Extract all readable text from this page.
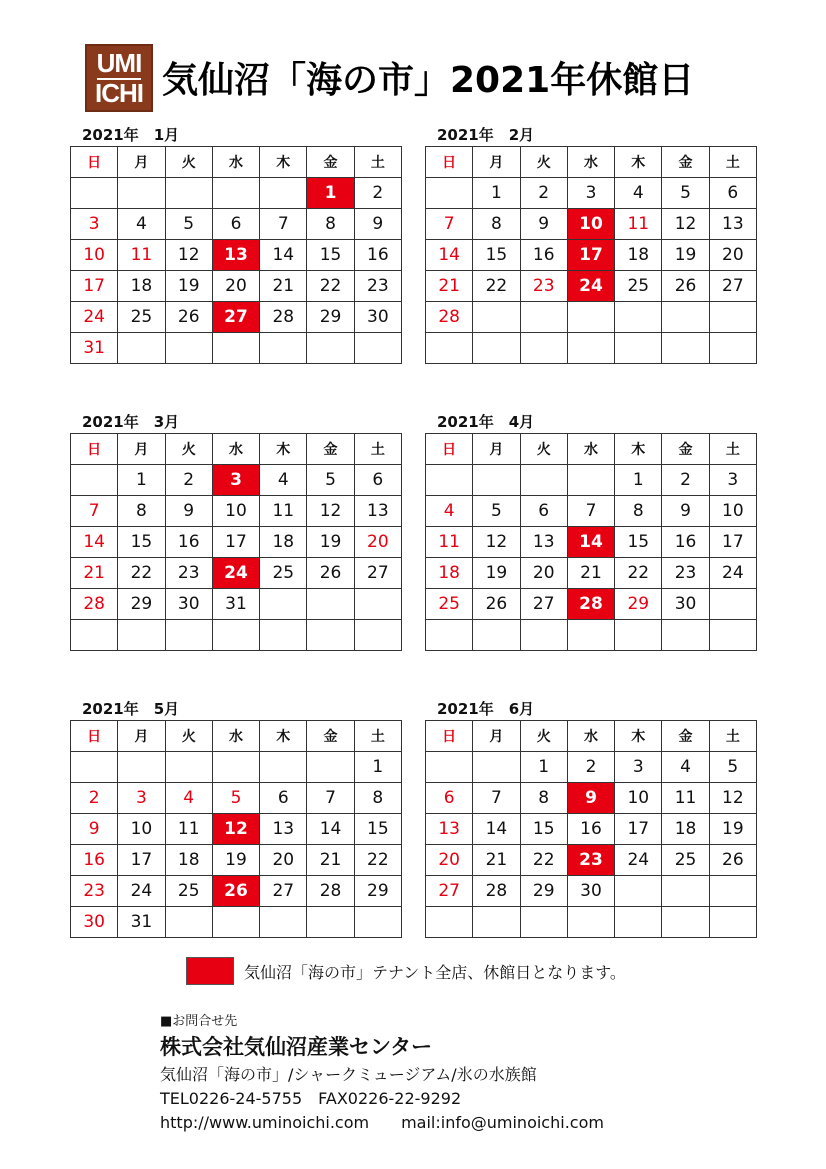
UMI
ICHI 気仙沼「海の市」2021年休館日
2021年　1月
日	月	火	水	木	金	土
					1	2
3	4	5	6	7	8	9
10	11	12	13	14	15	16
17	18	19	20	21	22	23
24	25	26	27	28	29	30
31						
2021年　2月
日	月	火	水	木	金	土
	1	2	3	4	5	6
7	8	9	10	11	12	13
14	15	16	17	18	19	20
21	22	23	24	25	26	27
28						

2021年　3月
日	月	火	水	木	金	土
	1	2	3	4	5	6
7	8	9	10	11	12	13
14	15	16	17	18	19	20
21	22	23	24	25	26	27
28	29	30	31			

2021年　4月
日	月	火	水	木	金	土
				1	2	3
4	5	6	7	8	9	10
11	12	13	14	15	16	17
18	19	20	21	22	23	24
25	26	27	28	29	30	

2021年　5月
日	月	火	水	木	金	土
						1
2	3	4	5	6	7	8
9	10	11	12	13	14	15
16	17	18	19	20	21	22
23	24	25	26	27	28	29
30	31					
2021年　6月
日	月	火	水	木	金	土
		1	2	3	4	5
6	7	8	9	10	11	12
13	14	15	16	17	18	19
20	21	22	23	24	25	26
27	28	29	30			

気仙沼「海の市」テナント全店、休館日となります。
■お問合せ先
株式会社気仙沼産業センター
気仙沼「海の市」/シャークミュージアム/氷の水族館
TEL0226-24-5755　FAX0226-22-9292
http://www.uminoichi.com　　mail:info@uminoichi.com
